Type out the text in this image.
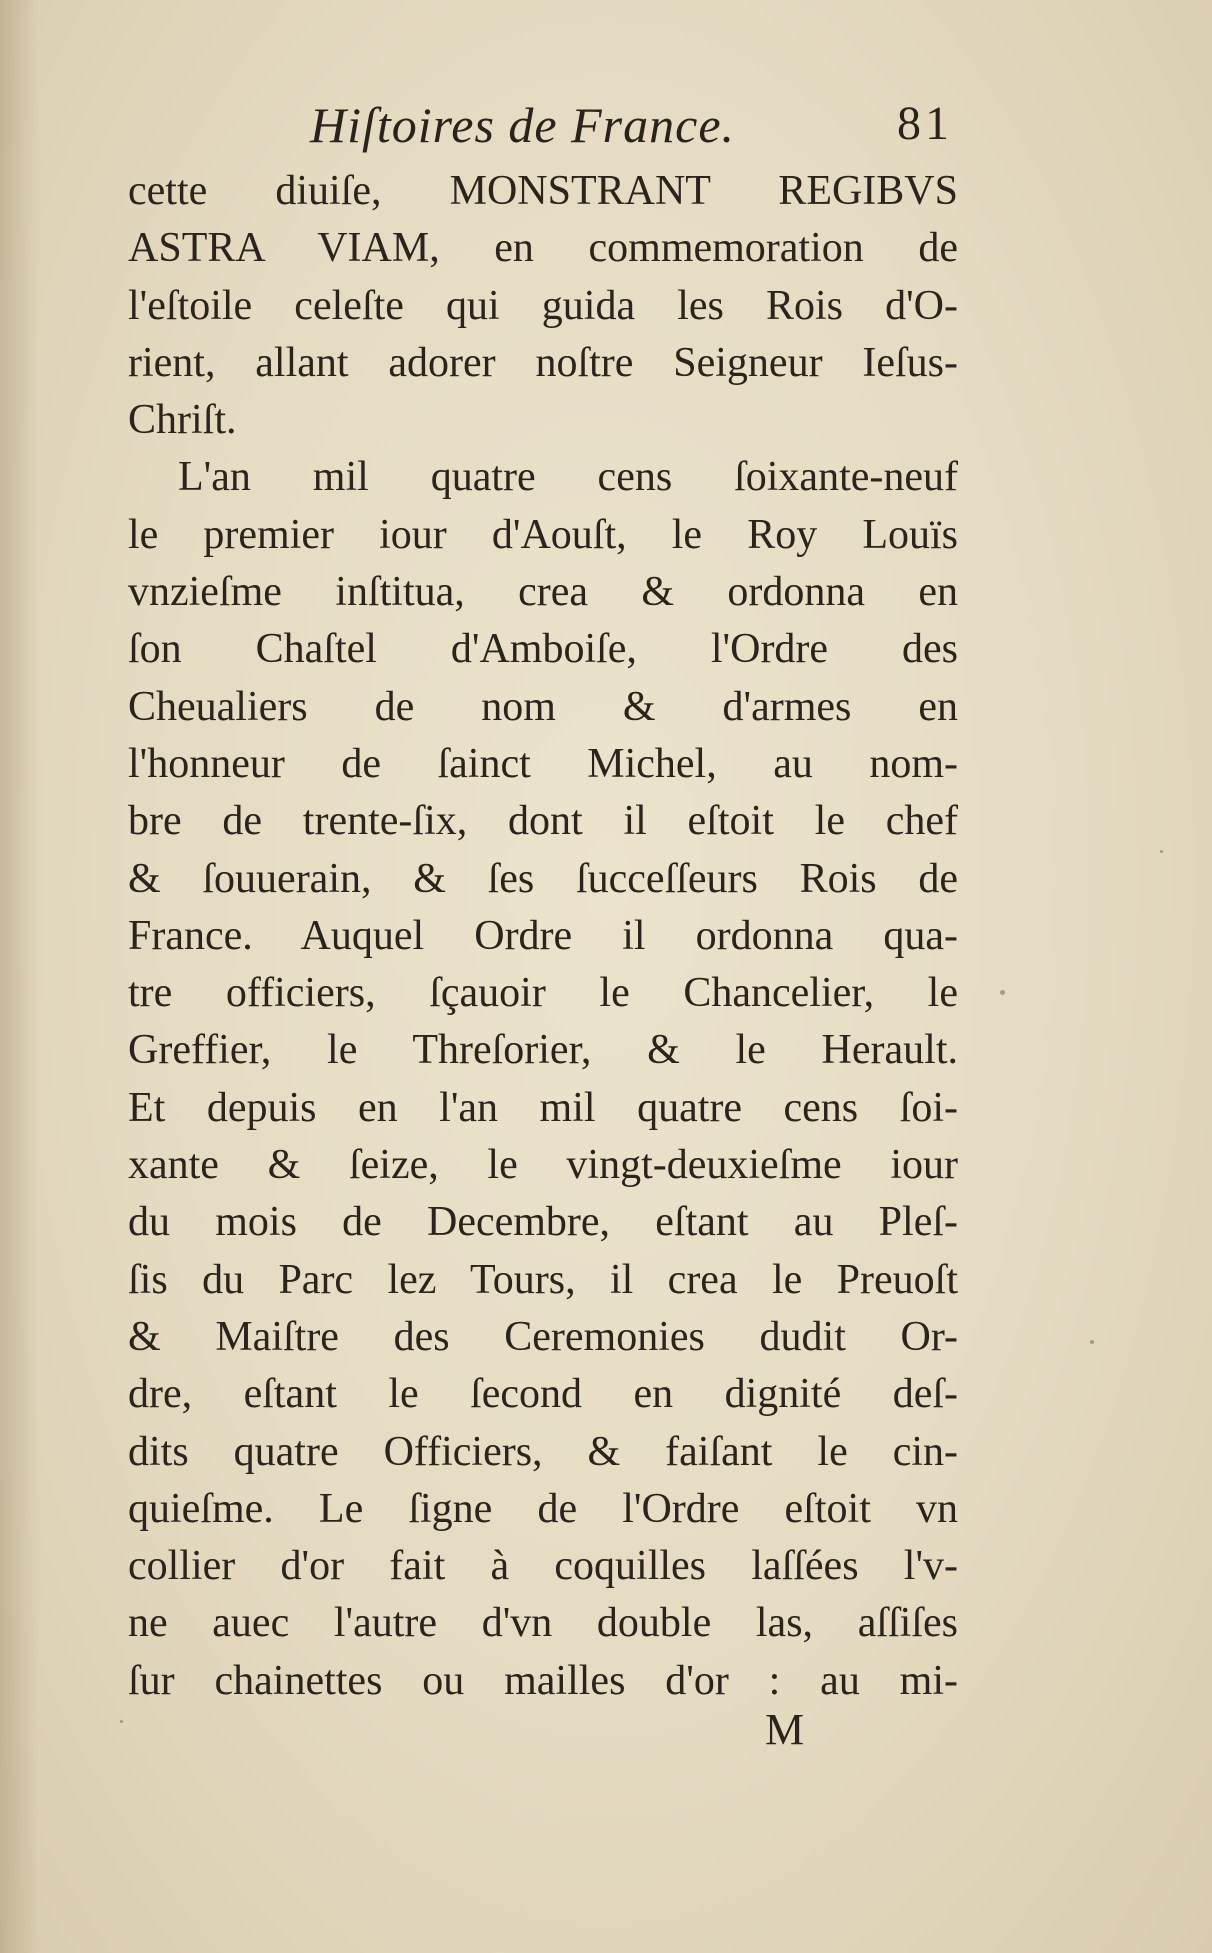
Hiſtoires de France.	81
cette diuiſe, MONSTRANT REGIBVS
ASTRA VIAM, en commemoration de
l'eſtoile celeſte qui guida les Rois d'O-
rient, allant adorer noſtre Seigneur Ieſus-
Chriſt.
L'an mil quatre cens ſoixante-neuf
le premier iour d'Aouſt, le Roy Louïs
vnzieſme inſtitua, crea & ordonna en
ſon Chaſtel d'Amboiſe, l'Ordre des
Cheualiers de nom & d'armes en
l'honneur de ſainct Michel, au nom-
bre de trente-ſix, dont il eſtoit le chef
& ſouuerain, & ſes ſucceſſeurs Rois de
France. Auquel Ordre il ordonna qua-
tre officiers, ſçauoir le Chancelier, le
Greffier, le Threſorier, & le Herault.
Et depuis en l'an mil quatre cens ſoi-
xante & ſeize, le vingt-deuxieſme iour
du mois de Decembre, eſtant au Pleſ-
ſis du Parc lez Tours, il crea le Preuoſt
& Maiſtre des Ceremonies dudit Or-
dre, eſtant le ſecond en dignité deſ-
dits quatre Officiers, & faiſant le cin-
quieſme. Le ſigne de l'Ordre eſtoit vn
collier d'or fait à coquilles laſſées l'v-
ne auec l'autre d'vn double las, aſſiſes
ſur chainettes ou mailles d'or : au mi-
M
